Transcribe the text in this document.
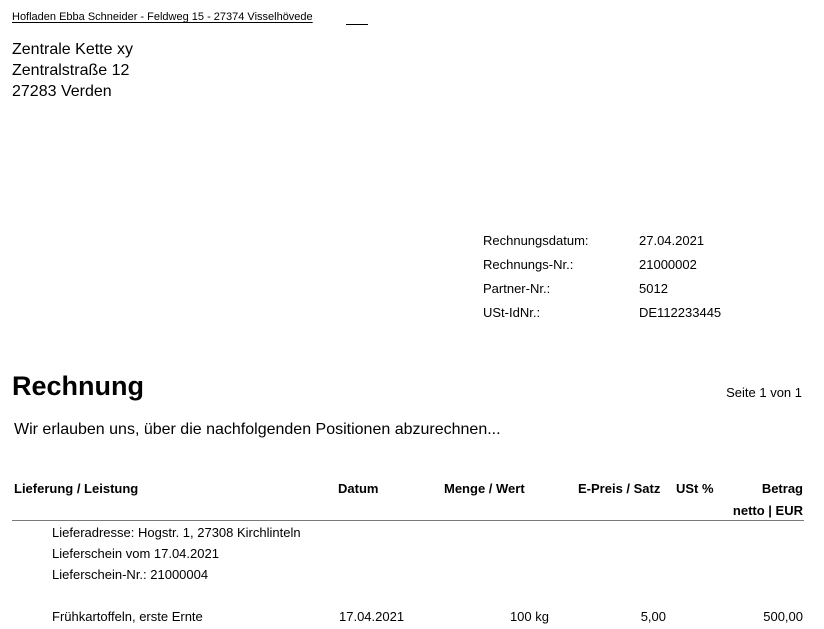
Hofladen Ebba Schneider - Feldweg 15 - 27374 Visselhövede
Zentrale Kette xy
Zentralstraße 12
27283 Verden
Rechnungsdatum:	27.04.2021
Rechnungs-Nr.:	21000002
Partner-Nr.:	5012
USt-IdNr.:	DE112233445
Rechnung	Seite 1 von 1
Wir erlauben uns, über die nachfolgenden Positionen abzurechnen...
Lieferung / Leistung	Datum	Menge / Wert	E-Preis / Satz USt %	Betrag
netto | EUR
Lieferadresse: Hogstr. 1, 27308 Kirchlinteln
Lieferschein vom 17.04.2021
Lieferschein-Nr.: 21000004
Frühkartoffeln, erste Ernte	17.04.2021	100 kg	5,00	500,00
